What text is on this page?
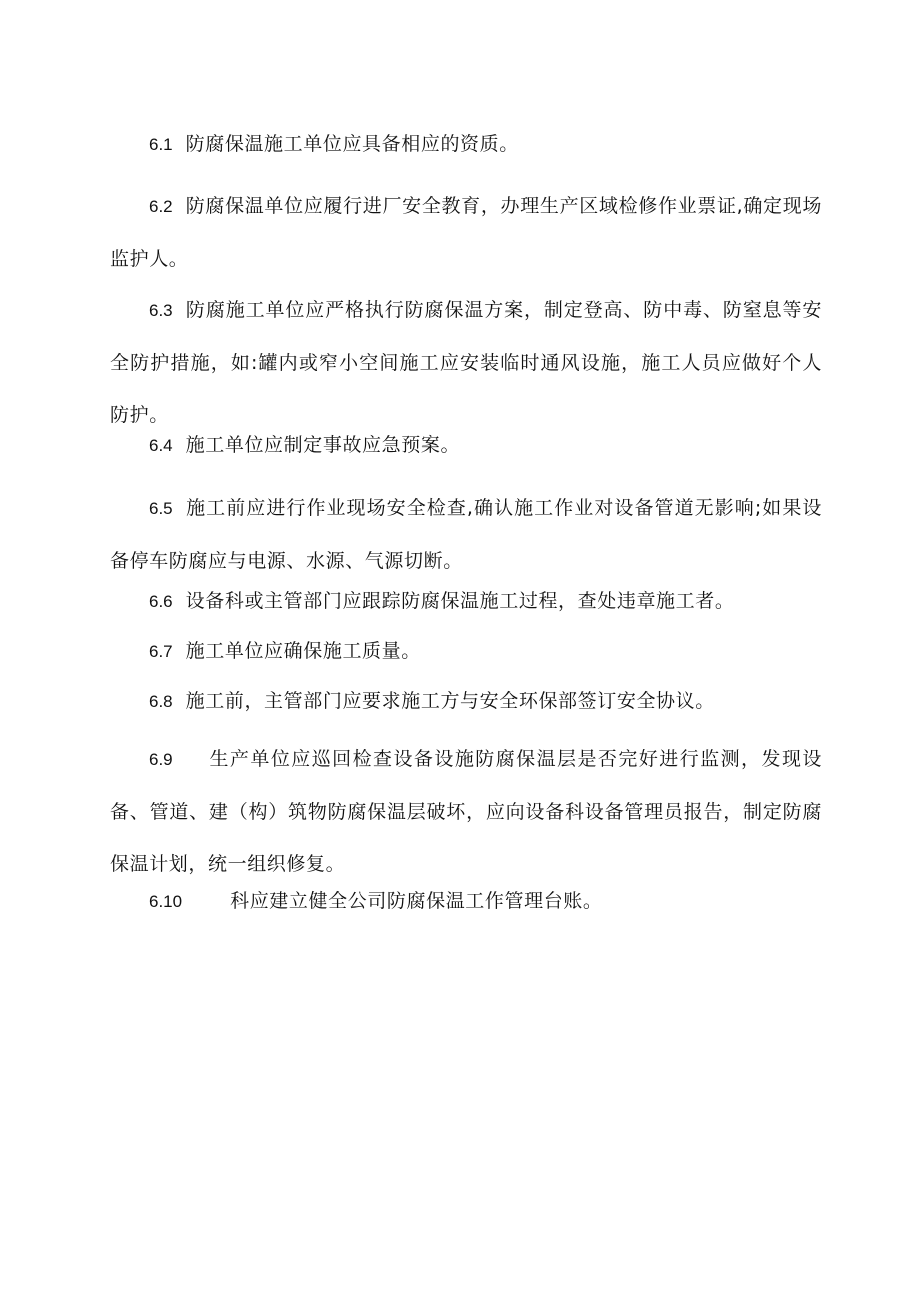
6.1 防腐保温施工单位应具备相应的资质。
6.2 防腐保温单位应履行进厂安全教育，办理生产区域检修作业票证,确定现场监护人。
6.3 防腐施工单位应严格执行防腐保温方案，制定登高、防中毒、防窒息等安全防护措施，如:罐内或窄小空间施工应安装临时通风设施，施工人员应做好个人防护。
6.4 施工单位应制定事故应急预案。
6.5 施工前应进行作业现场安全检查,确认施工作业对设备管道无影响;如果设备停车防腐应与电源、水源、气源切断。
6.6 设备科或主管部门应跟踪防腐保温施工过程，查处违章施工者。
6.7 施工单位应确保施工质量。
6.8 施工前，主管部门应要求施工方与安全环保部签订安全协议。
6.9 生产单位应巡回检查设备设施防腐保温层是否完好进行监测，发现设备、管道、建（构）筑物防腐保温层破坏，应向设备科设备管理员报告，制定防腐保温计划，统一组织修复。
6.10	科应建立健全公司防腐保温工作管理台账。
